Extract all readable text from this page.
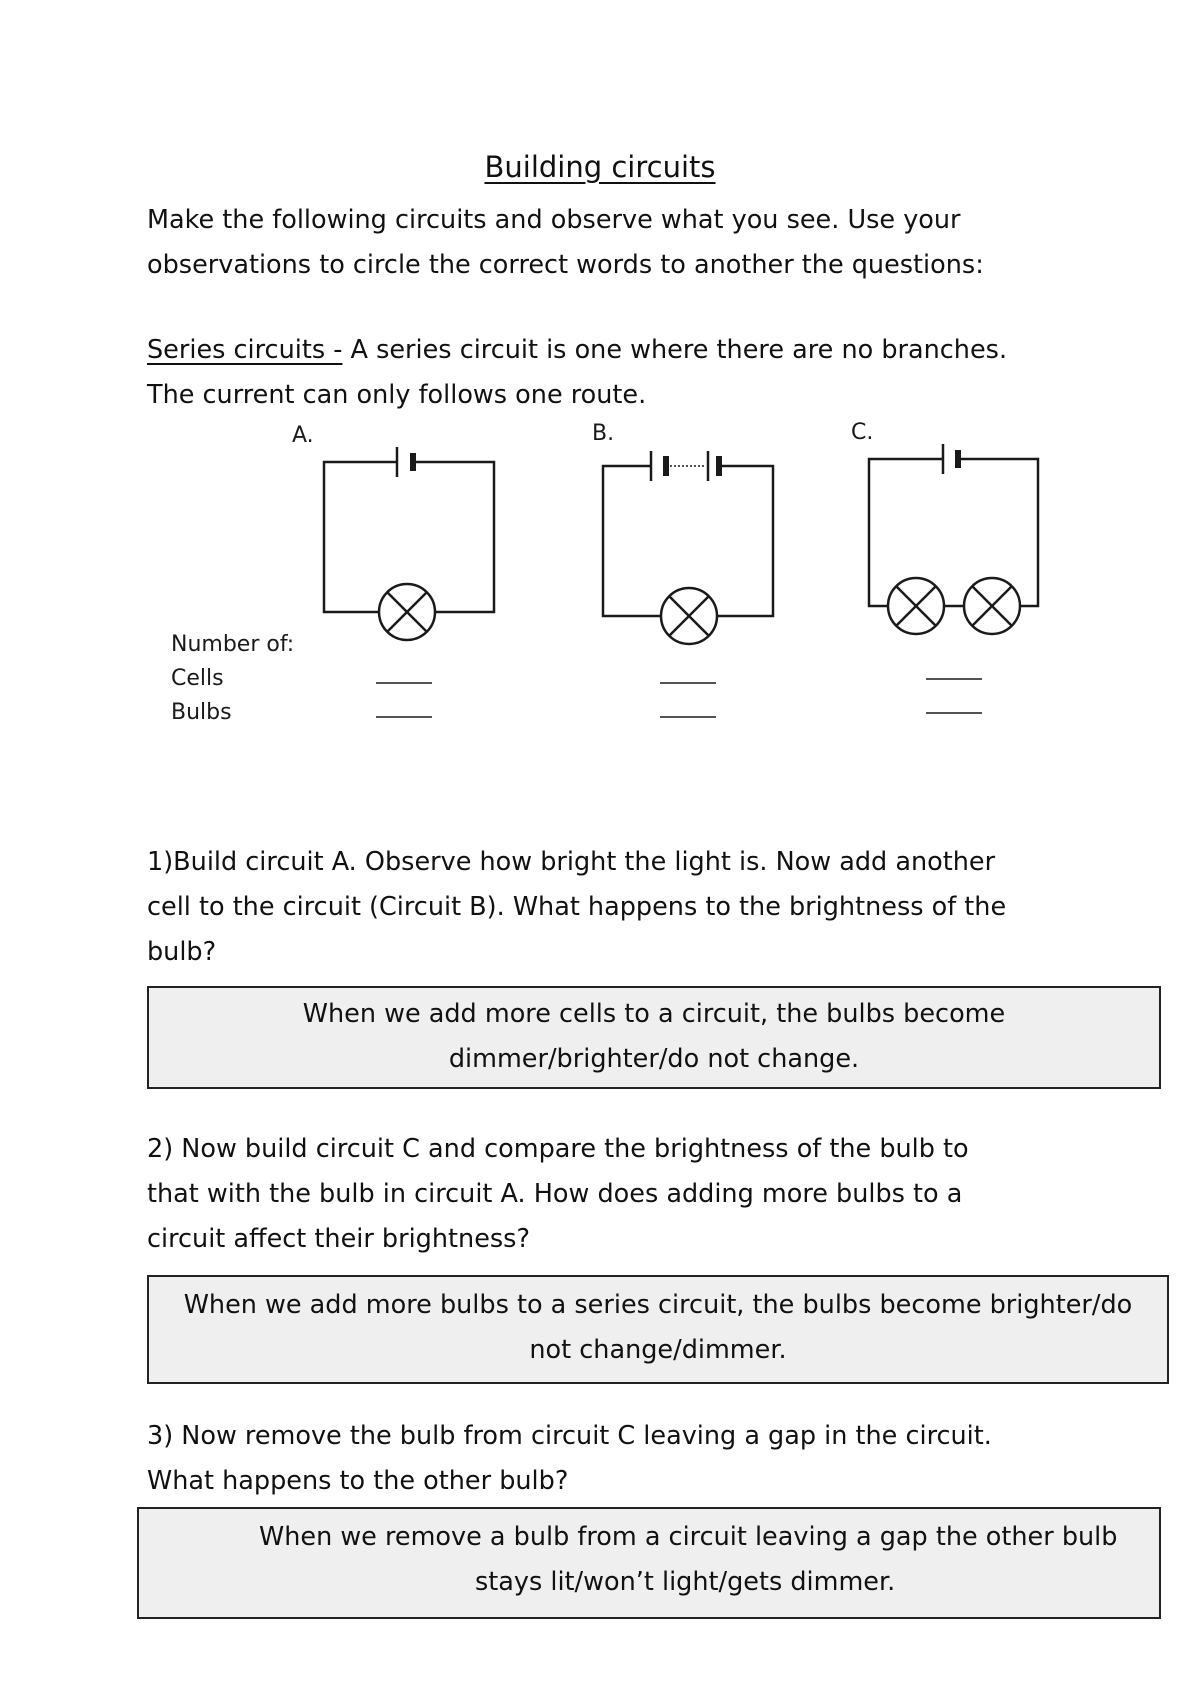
Building circuits
Make the following circuits and observe what you see. Use your
observations to circle the correct words to another the questions:
Series circuits - A series circuit is one where there are no branches.
The current can only follows one route.
A.	B.	C.
Number of:
Cells
Bulbs
1)Build circuit A. Observe how bright the light is. Now add another
cell to the circuit (Circuit B). What happens to the brightness of the
bulb?
When we add more cells to a circuit, the bulbs become
dimmer/brighter/do not change.
2) Now build circuit C and compare the brightness of the bulb to
that with the bulb in circuit A. How does adding more bulbs to a
circuit affect their brightness?
When we add more bulbs to a series circuit, the bulbs become brighter/do
not change/dimmer.
3) Now remove the bulb from circuit C leaving a gap in the circuit.
What happens to the other bulb?
When we remove a bulb from a circuit leaving a gap the other bulb
stays lit/won’t light/gets dimmer.
